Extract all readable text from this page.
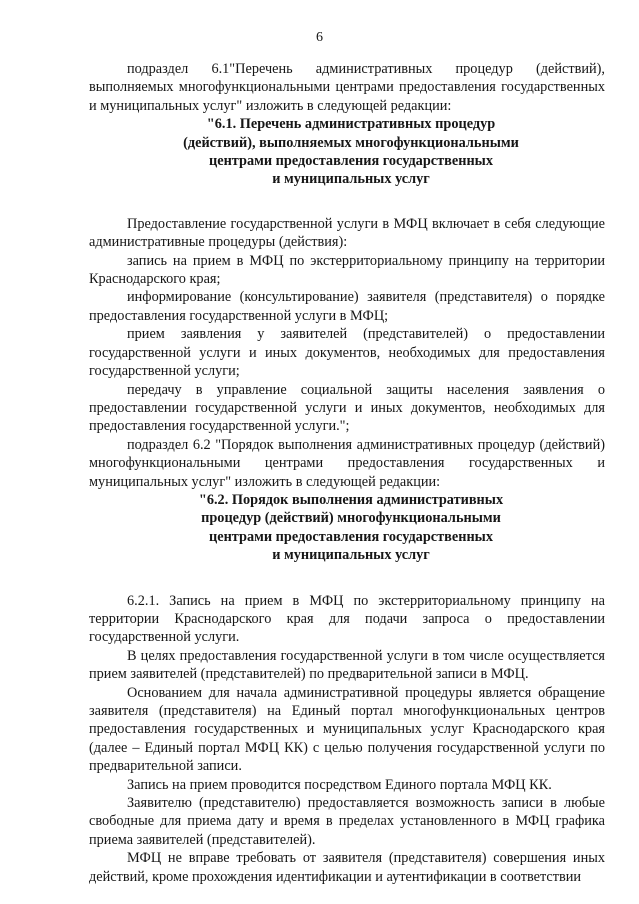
6

подраздел 6.1"Перечень административных процедур (действий), выполняемых многофункциональными центрами предоставления государственных и муниципальных услуг" изложить в следующей редакции:

"6.1. Перечень административных процедур
(действий), выполняемых многофункциональными
центрами предоставления государственных
и муниципальных услуг

Предоставление государственной услуги в МФЦ включает в себя следующие административные процедуры (действия):

запись на прием в МФЦ по экстерриториальному принципу на территории Краснодарского края;

информирование (консультирование) заявителя (представителя) о порядке предоставления государственной услуги в МФЦ;

прием заявления у заявителей (представителей) о предоставлении государственной услуги и иных документов, необходимых для предоставления государственной услуги;

передачу в управление социальной защиты населения заявления о предоставлении государственной услуги и иных документов, необходимых для предоставления государственной услуги.";

подраздел 6.2 "Порядок выполнения административных процедур (действий) многофункциональными центрами предоставления государственных и муниципальных услуг" изложить в следующей редакции:

"6.2. Порядок выполнения административных
процедур (действий) многофункциональными
центрами предоставления государственных
и муниципальных услуг

6.2.1. Запись на прием в МФЦ по экстерриториальному принципу на территории Краснодарского края для подачи запроса о предоставлении государственной услуги.

В целях предоставления государственной услуги в том числе осуществляется прием заявителей (представителей) по предварительной записи в МФЦ.

Основанием для начала административной процедуры является обращение заявителя (представителя) на Единый портал многофункциональных центров предоставления государственных и муниципальных услуг Краснодарского края (далее – Единый портал МФЦ КК) с целью получения государственной услуги по предварительной записи.

Запись на прием проводится посредством Единого портала МФЦ КК.

Заявителю (представителю) предоставляется возможность записи в любые свободные для приема дату и время в пределах установленного в МФЦ графика приема заявителей (представителей).

МФЦ не вправе требовать от заявителя (представителя) совершения иных действий, кроме прохождения идентификации и аутентификации в соответствии
